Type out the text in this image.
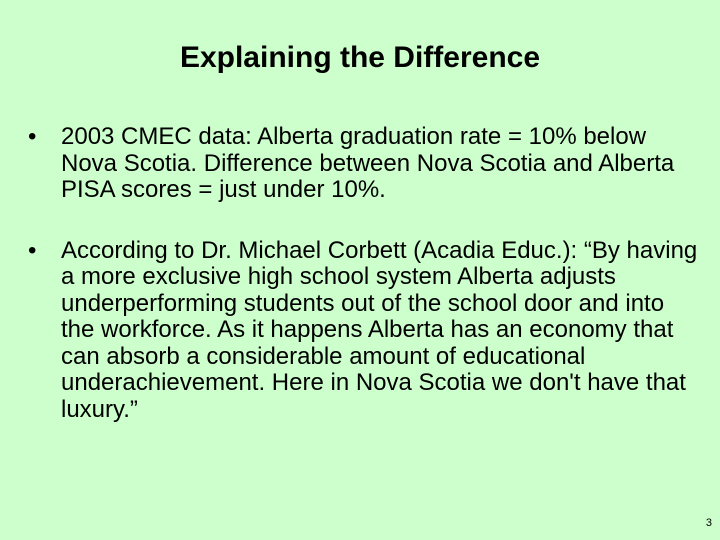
Explaining the Difference
• 2003 CMEC data: Alberta graduation rate = 10% below Nova Scotia. Difference between Nova Scotia and Alberta PISA scores = just under 10%.
• According to Dr. Michael Corbett (Acadia Educ.): “By having a more exclusive high school system Alberta adjusts underperforming students out of the school door and into the workforce. As it happens Alberta has an economy that can absorb a considerable amount of educational underachievement. Here in Nova Scotia we don't have that luxury.”
3
